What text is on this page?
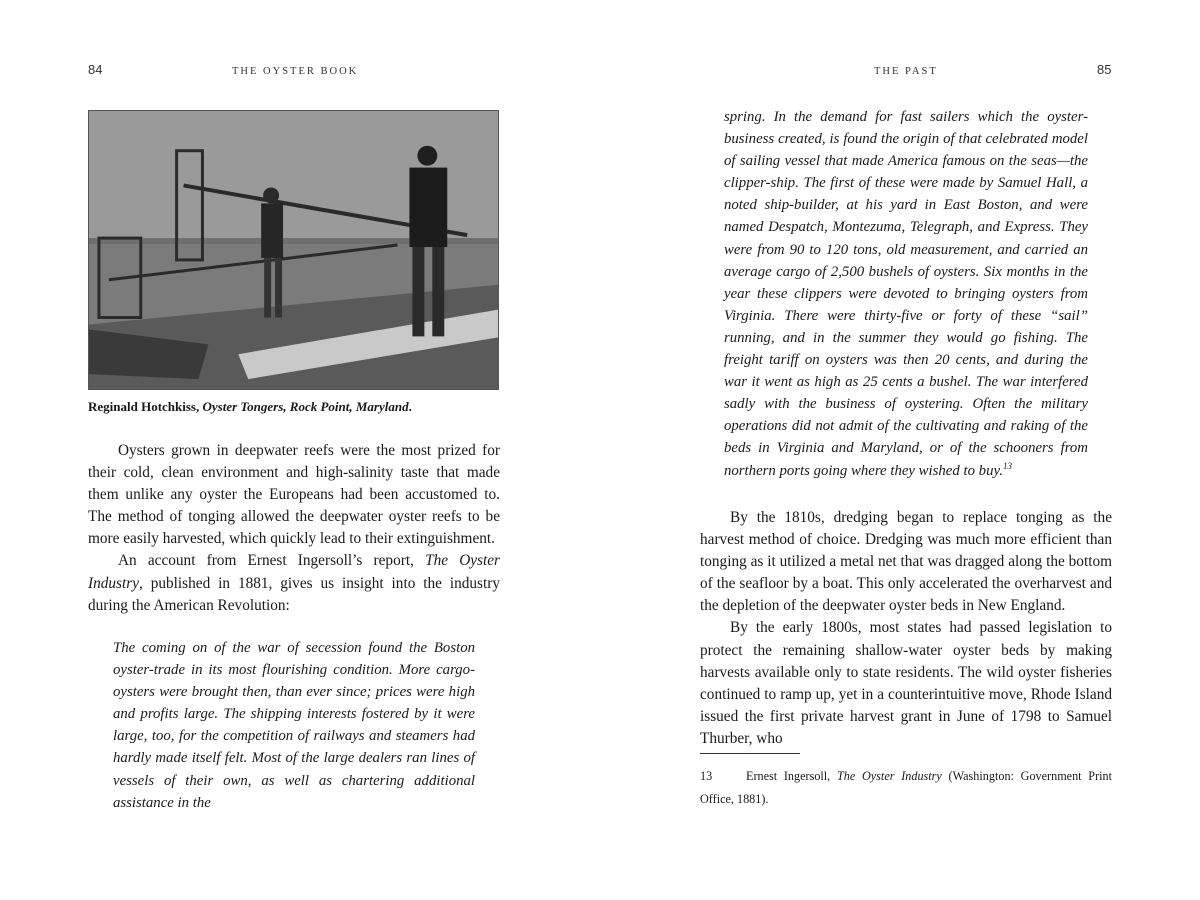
84	THE OYSTER BOOK
Reginald Hotchkiss, Oyster Tongers, Rock Point, Maryland.

Oysters grown in deepwater reefs were the most prized for their cold, clean environment and high-salinity taste that made them unlike any oyster the Europeans had been accustomed to. The method of tonging allowed the deepwater oyster reefs to be more easily harvested, which quickly lead to their extinguishment.

An account from Ernest Ingersoll’s report, The Oyster Industry, published in 1881, gives us insight into the industry during the American Revolution:

The coming on of the war of secession found the Boston oyster-trade in its most flourishing condition. More cargo-oysters were brought then, than ever since; prices were high and profits large. The shipping interests fostered by it were large, too, for the competition of railways and steamers had hardly made itself felt. Most of the large dealers ran lines of vessels of their own, as well as chartering additional assistance in the

THE PAST	85

spring. In the demand for fast sailers which the oyster-business created, is found the origin of that celebrated model of sailing vessel that made America famous on the seas—the clipper-ship. The first of these were made by Samuel Hall, a noted ship-builder, at his yard in East Boston, and were named Despatch, Montezuma, Telegraph, and Express. They were from 90 to 120 tons, old measurement, and carried an average cargo of 2,500 bushels of oysters. Six months in the year these clippers were devoted to bringing oysters from Virginia. There were thirty-five or forty of these “sail” running, and in the summer they would go fishing. The freight tariff on oysters was then 20 cents, and during the war it went as high as 25 cents a bushel. The war interfered sadly with the business of oystering. Often the military operations did not admit of the cultivating and raking of the beds in Virginia and Maryland, or of the schooners from northern ports going where they wished to buy.$^{13}$

By the 1810s, dredging began to replace tonging as the harvest method of choice. Dredging was much more efficient than tonging as it utilized a metal net that was dragged along the bottom of the seafloor by a boat. This only accelerated the overharvest and the depletion of the deepwater oyster beds in New England.

By the early 1800s, most states had passed legislation to protect the remaining shallow-water oyster beds by making harvests available only to state residents. The wild oyster fisheries continued to ramp up, yet in a counterintuitive move, Rhode Island issued the first private harvest grant in June of 1798 to Samuel Thurber, who

13	Ernest Ingersoll, The Oyster Industry (Washington: Government Print Office, 1881).
